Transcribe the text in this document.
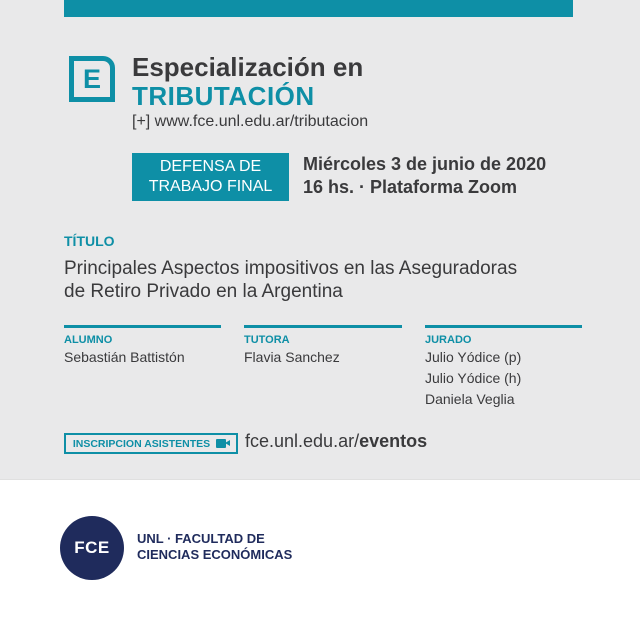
E Especialización en
TRIBUTACIÓN
[+] www.fce.unl.edu.ar/tributacion
DEFENSA DE
TRABAJO FINAL
Miércoles 3 de junio de 2020
16 hs. · Plataforma Zoom
TÍTULO
Principales Aspectos impositivos en las Aseguradoras
de Retiro Privado en la Argentina
ALUMNO
Sebastián Battistón
TUTORA
Flavia Sanchez
JURADO
Julio Yódice (p)
Julio Yódice (h)
Daniela Veglia
INSCRIPCION ASISTENTES fce.unl.edu.ar/eventos
FCE UNL · FACULTAD DE
CIENCIAS ECONÓMICAS
